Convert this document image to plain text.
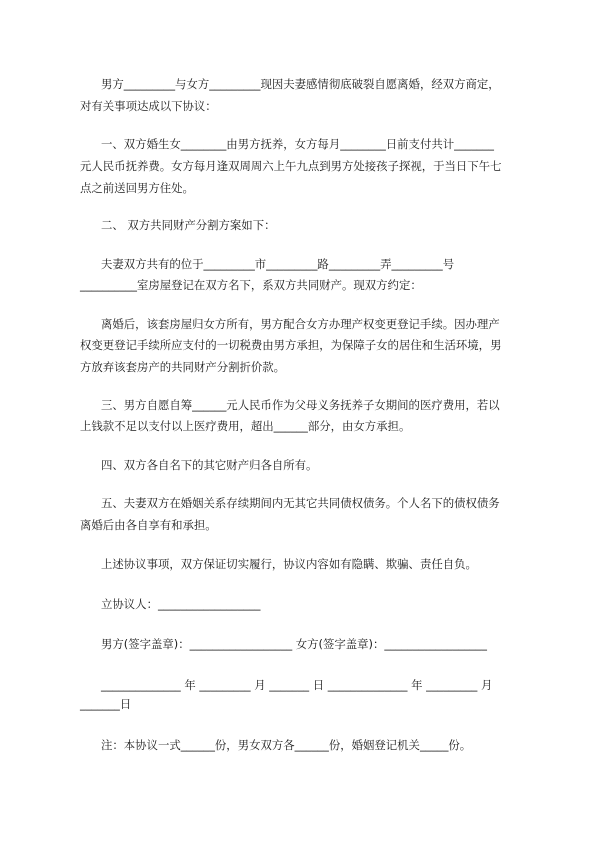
男方_________与女方_________现因夫妻感情彻底破裂自愿离婚，经双方商定，
对有关事项达成以下协议：
一、双方婚生女________由男方抚养，女方每月________日前支付共计_______
元人民币抚养费。女方每月逢双周周六上午九点到男方处接孩子探视，于当日下午七
点之前送回男方住处。
二、 双方共同财产分割方案如下：
夫妻双方共有的位于_________市_________路_________弄_________号
__________室房屋登记在双方名下，系双方共同财产。现双方约定：
离婚后，该套房屋归女方所有，男方配合女方办理产权变更登记手续。因办理产
权变更登记手续所应支付的一切税费由男方承担，为保障子女的居住和生活环境，男
方放弃该套房产的共同财产分割折价款。
三、男方自愿自筹______元人民币作为父母义务抚养子女期间的医疗费用，若以
上钱款不足以支付以上医疗费用，超出______部分，由女方承担。
四、双方各自名下的其它财产归各自所有。
五、夫妻双方在婚姻关系存续期间内无其它共同债权债务。个人名下的债权债务
离婚后由各自享有和承担。
上述协议事项，双方保证切实履行，协议内容如有隐瞒、欺骗、责任自负。
立协议人：__________________
男方(签字盖章)：__________________ 女方(签字盖章)：__________________
______________ 年 _________ 月 _______ 日 ______________ 年 _________ 月
_______日
注：本协议一式______份，男女双方各______份，婚姻登记机关_____份。
